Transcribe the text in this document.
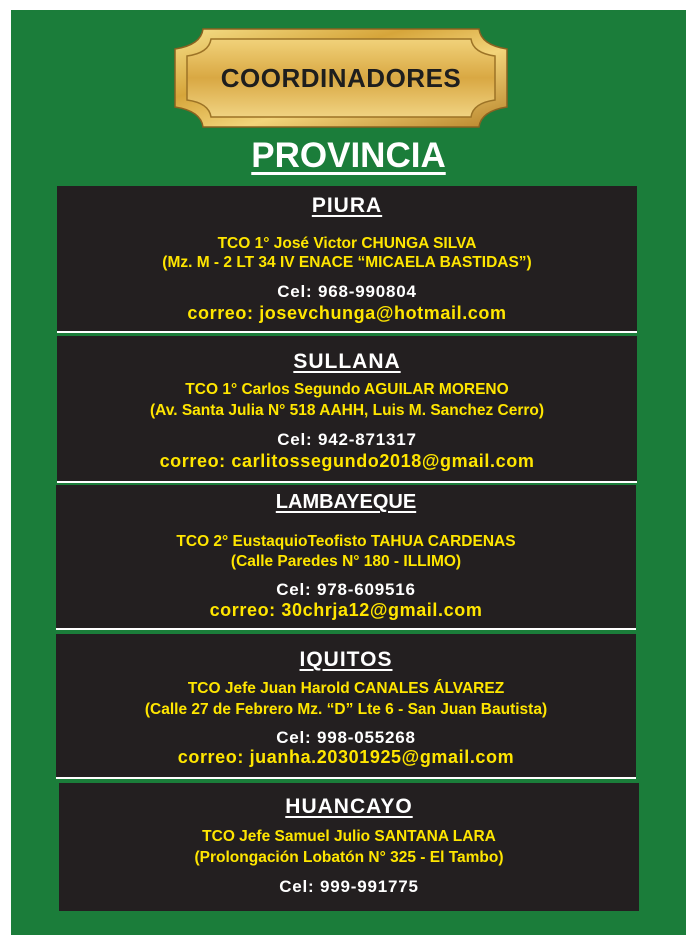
COORDINADORES
PROVINCIA
PIURA
TCO 1° José Victor CHUNGA SILVA
(Mz. M - 2 LT 34 IV ENACE “MICAELA BASTIDAS”)
Cel: 968-990804
correo: josevchunga@hotmail.com
SULLANA
TCO 1° Carlos Segundo AGUILAR MORENO
(Av. Santa Julia N° 518 AAHH, Luis M. Sanchez Cerro)
Cel: 942-871317
correo: carlitossegundo2018@gmail.com
LAMBAYEQUE
TCO 2° EustaquioTeofisto TAHUA CARDENAS
(Calle Paredes N° 180 - ILLIMO)
Cel: 978-609516
correo: 30chrja12@gmail.com
IQUITOS
TCO Jefe Juan Harold CANALES ÁLVAREZ
(Calle 27 de Febrero Mz. “D” Lte 6 - San Juan Bautista)
Cel: 998-055268
correo: juanha.20301925@gmail.com
HUANCAYO
TCO Jefe Samuel Julio SANTANA LARA
(Prolongación Lobatón N° 325 - El Tambo)
Cel: 999-991775
